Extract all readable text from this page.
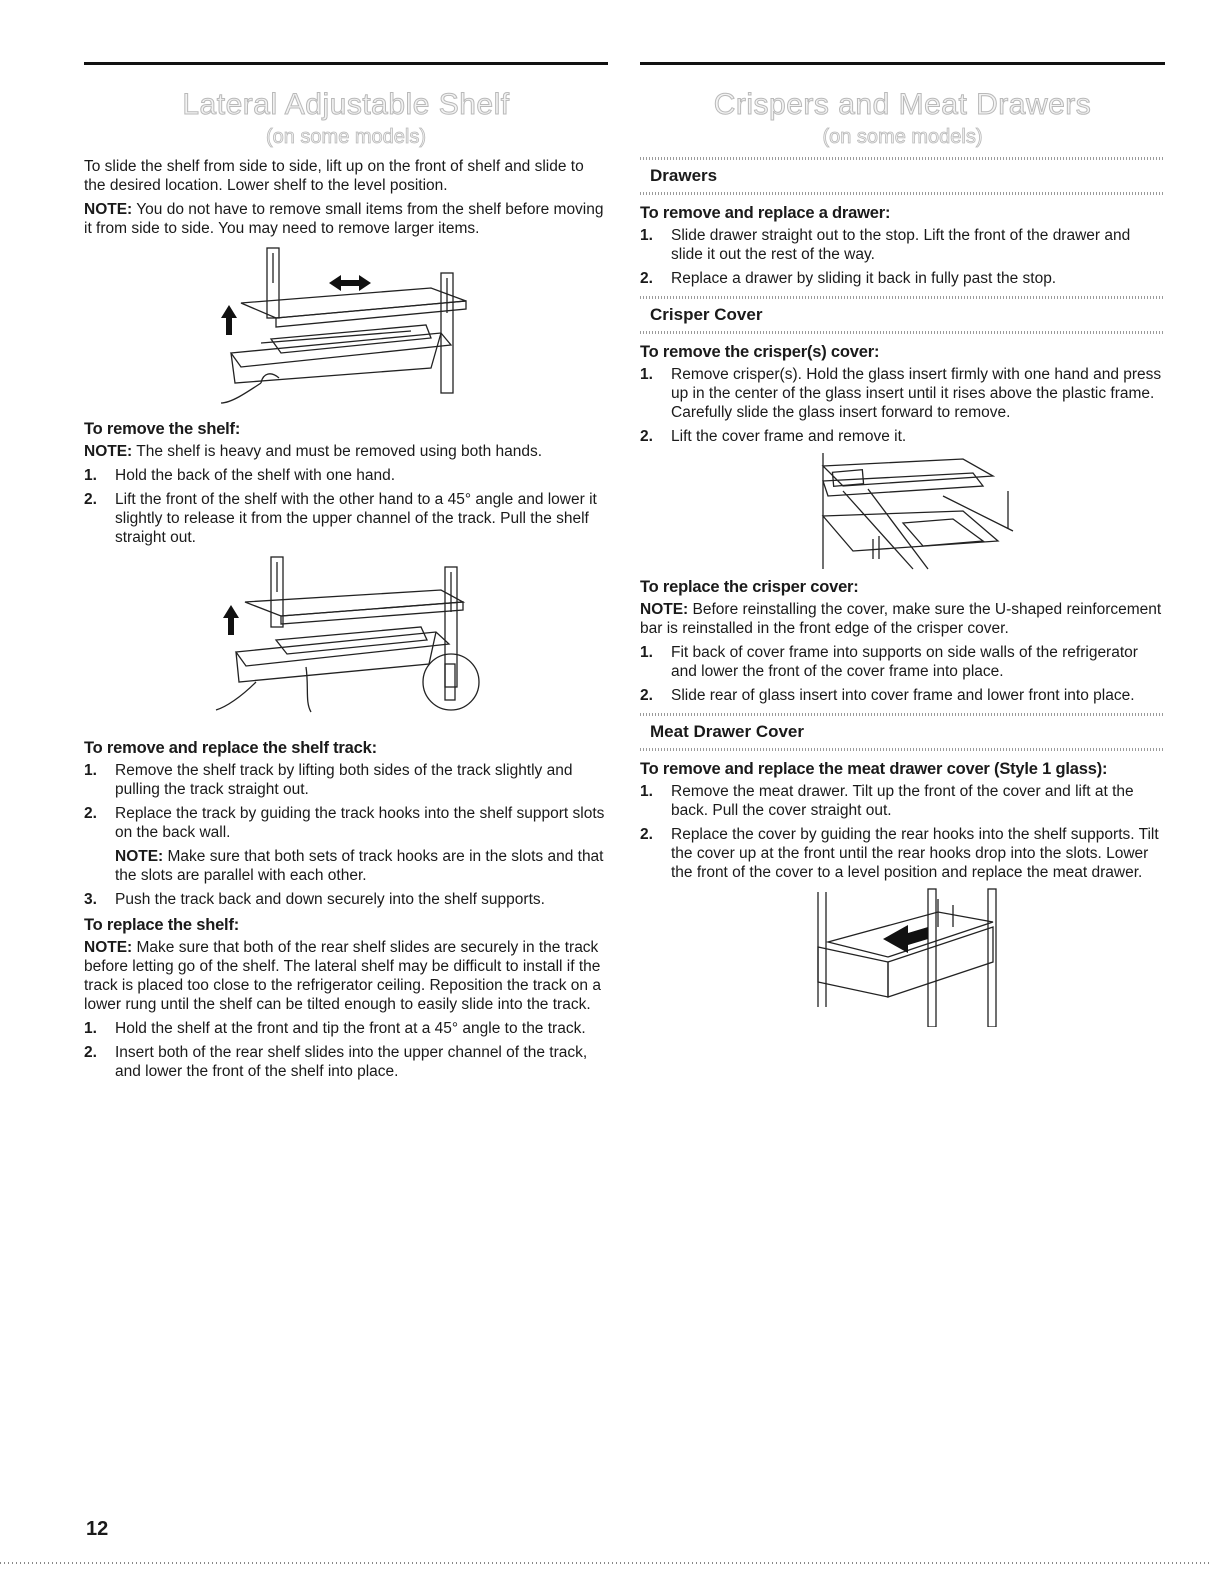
Lateral Adjustable Shelf
(on some models)

To slide the shelf from side to side, lift up on the front of shelf and slide to the desired location. Lower shelf to the level position.

NOTE: You do not have to remove small items from the shelf before moving it from side to side. You may need to remove larger items.

To remove the shelf:

NOTE: The shelf is heavy and must be removed using both hands.

1. Hold the back of the shelf with one hand.
2. Lift the front of the shelf with the other hand to a 45° angle and lower it slightly to release it from the upper channel of the track. Pull the shelf straight out.
To remove and replace the shelf track:
1. Remove the shelf track by lifting both sides of the track slightly and pulling the track straight out.
2. Replace the track by guiding the track hooks into the shelf support slots on the back wall.

NOTE: Make sure that both sets of track hooks are in the slots and that the slots are parallel with each other.

3. Push the track back and down securely into the shelf supports.
To replace the shelf:

NOTE: Make sure that both of the rear shelf slides are securely in the track before letting go of the shelf. The lateral shelf may be difficult to install if the track is placed too close to the refrigerator ceiling. Reposition the track on a lower rung until the shelf can be tilted enough to easily slide into the track.

1. Hold the shelf at the front and tip the front at a 45° angle to the track.
2. Insert both of the rear shelf slides into the upper channel of the track, and lower the front of the shelf into place.
Crispers and Meat Drawers
(on some models)
Drawers
To remove and replace a drawer:
1. Slide drawer straight out to the stop. Lift the front of the drawer and slide it out the rest of the way.
2. Replace a drawer by sliding it back in fully past the stop.
Crisper Cover
To remove the crisper(s) cover:
1. Remove crisper(s). Hold the glass insert firmly with one hand and press up in the center of the glass insert until it rises above the plastic frame. Carefully slide the glass insert forward to remove.
2. Lift the cover frame and remove it.
To replace the crisper cover:

NOTE: Before reinstalling the cover, make sure the U-shaped reinforcement bar is reinstalled in the front edge of the crisper cover.

1. Fit back of cover frame into supports on side walls of the refrigerator and lower the front of the cover frame into place.
2. Slide rear of glass insert into cover frame and lower front into place.
Meat Drawer Cover
To remove and replace the meat drawer cover (Style 1 glass):
1. Remove the meat drawer. Tilt up the front of the cover and lift at the back. Pull the cover straight out.
2. Replace the cover by guiding the rear hooks into the shelf supports. Tilt the cover up at the front until the rear hooks drop into the slots. Lower the front of the cover to a level position and replace the meat drawer.
12
